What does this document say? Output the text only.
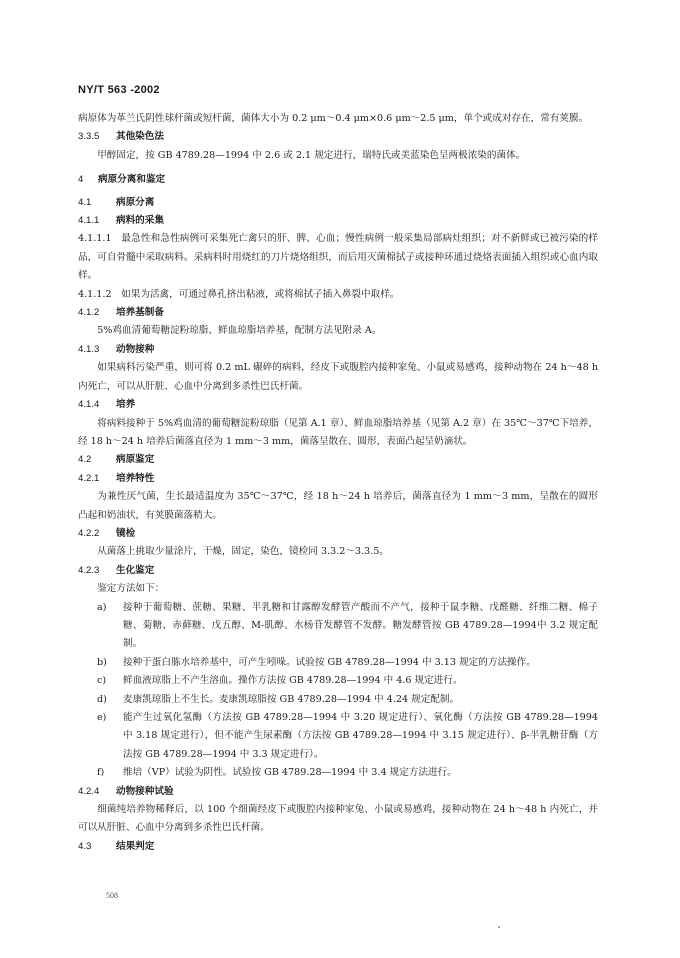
NY/T 563 -2002

病原体为革兰氏阴性球杆菌或短杆菌，菌体大小为 0.2 μm～0.4 μm×0.6 μm～2.5 μm，单个或成对存在，常有荚膜。

3.3.5 其他染色法

甲醇固定，按 GB 4789.28—1994 中 2.6 或 2.1 规定进行，瑞特氏或美蓝染色呈两极浓染的菌体。

4 病原分离和鉴定

4.1	病原分离

4.1.1 病料的采集

4.1.1.1　最急性和急性病例可采集死亡禽只的肝、脾、心血；慢性病例一般采集局部病灶组织；对不新鲜或已被污染的样品，可自骨髓中采取病料。采病料时用烧红的刀片烧烙组织，而后用灭菌棉拭子或接种环通过烧烙表面插入组织或心血内取样。

4.1.1.2　如果为活禽，可通过鼻孔挤出粘液，或将棉拭子插入鼻裂中取样。

4.1.2 培养基制备

5%鸡血清葡萄糖淀粉琼脂、鲜血琼脂培养基，配制方法见附录 A。

4.1.3 动物接种

如果病料污染严重，则可将 0.2 mL 碾碎的病料，经皮下或腹腔内接种家兔、小鼠或易感鸡，接种动物在 24 h～48 h 内死亡，可以从肝脏、心血中分离到多杀性巴氏杆菌。

4.1.4 培养

将病料接种于 5%鸡血清的葡萄糖淀粉琼脂（见第 A.1 章）、鲜血琼脂培养基（见第 A.2 章）在 35℃～37℃下培养，经 18 h～24 h 培养后菌落直径为 1 mm～3 mm，菌落呈散在、圆形，表面凸起呈奶滴状。

4.2	病原鉴定

4.2.1 培养特性

为兼性厌气菌，生长最适温度为 35℃～37℃，经 18 h～24 h 培养后，菌落直径为 1 mm～3 mm，呈散在的圆形凸起和奶油状，有荚膜菌落稍大。

4.2.2 镜检

从菌落上挑取少量涂片，干燥，固定，染色，镜检同 3.3.2～3.3.5。

4.2.3 生化鉴定

鉴定方法如下：

a)	接种于葡萄糖、蔗糖、果糖、半乳糖和甘露醇发酵管产酸而不产气，接种于鼠李糖、戊醛糖、纤维二糖、棉子糖、菊糖、赤藓糖、戊五醇、M-肌醇、水杨苷发酵管不发酵。糖发酵管按 GB 4789.28—1994中 3.2 规定配制。
b)	接种于蛋白胨水培养基中，可产生吲哚。试验按 GB 4789.28—1994 中 3.13 规定的方法操作。
c)	鲜血液琼脂上不产生溶血。操作方法按 GB 4789.28—1994 中 4.6 规定进行。
d)	麦康凯琼脂上不生长。麦康凯琼脂按 GB 4789.28—1994 中 4.24 规定配制。
e)	能产生过氧化氢酶（方法按 GB 4789.28—1994 中 3.20 规定进行）、氧化酶（方法按 GB 4789.28—1994 中 3.18 规定进行），但不能产生尿素酶（方法按 GB 4789.28—1994 中 3.15 规定进行）、β-半乳糖苷酶（方法按 GB 4789.28—1994 中 3.3 规定进行）。
f)	维培（VP）试验为阴性。试验按 GB 4789.28—1994 中 3.4 规定方法进行。

4.2.4 动物接种试验

细菌纯培养物稀释后，以 100 个细菌经皮下或腹腔内接种家兔、小鼠或易感鸡，接种动物在 24 h～48 h 内死亡，并可以从肝脏、心血中分离到多杀性巴氏杆菌。

4.3	结果判定

508
